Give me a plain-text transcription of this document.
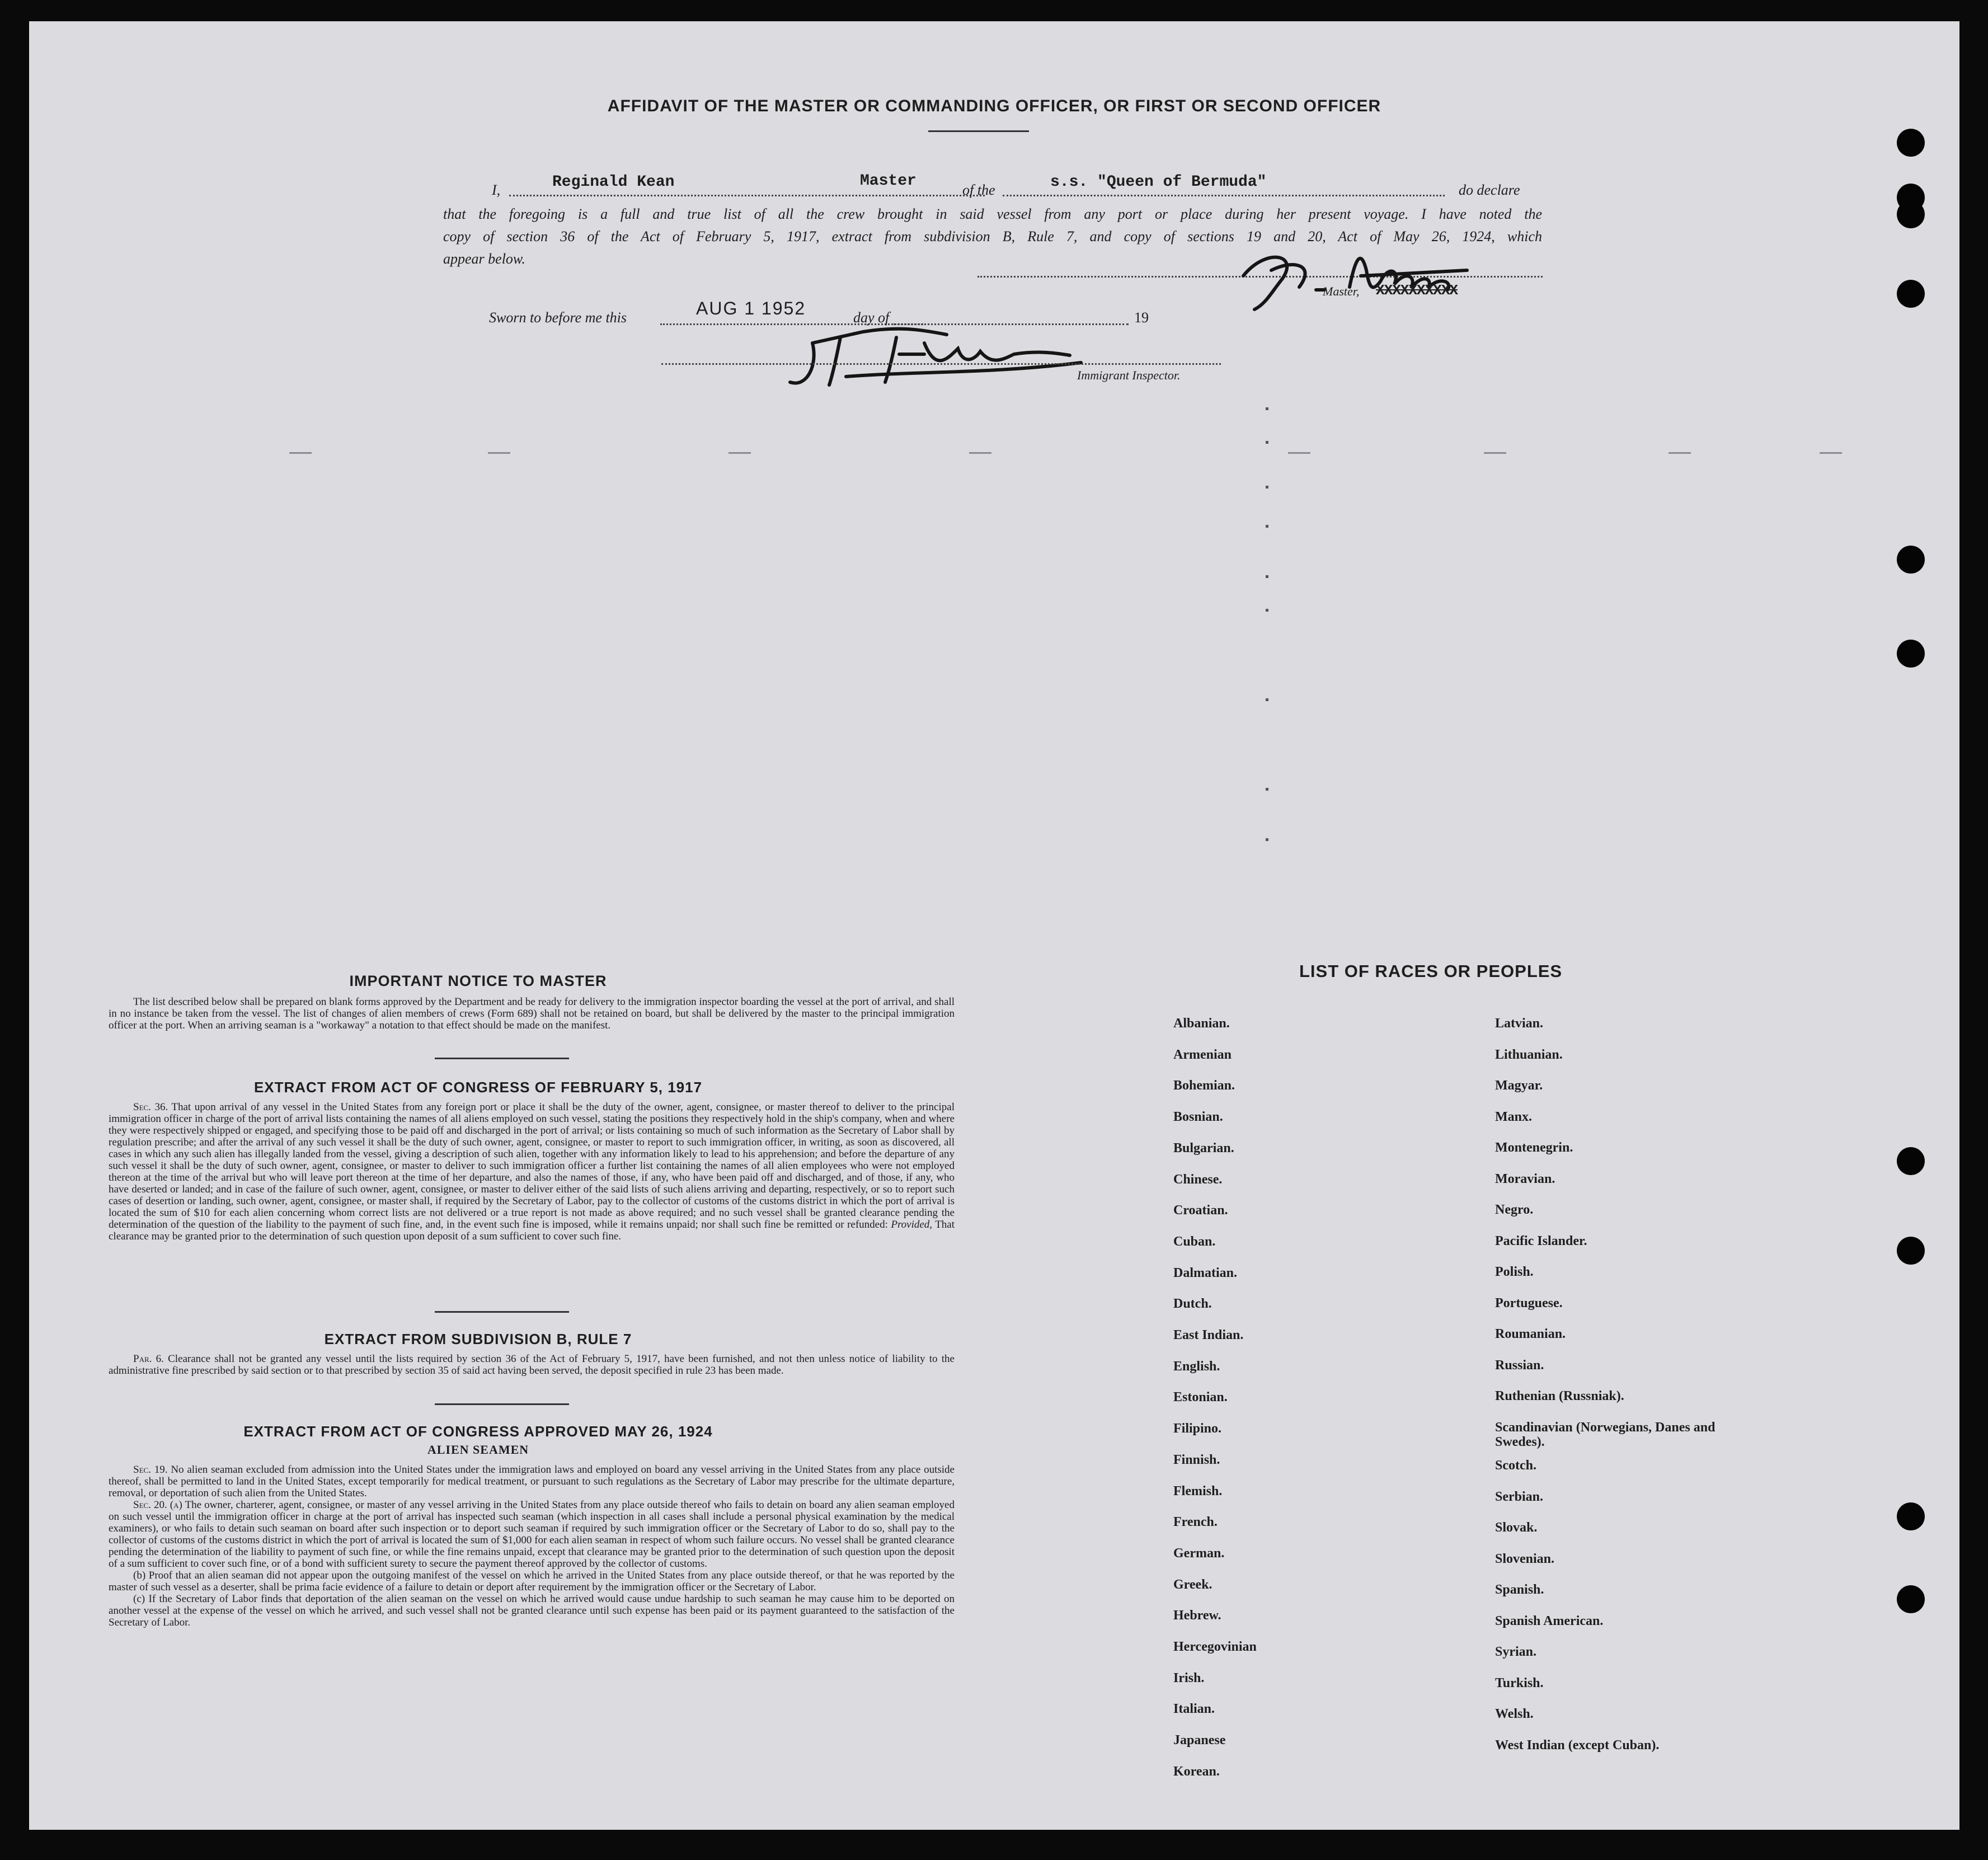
AFFIDAVIT OF THE MASTER OR COMMANDING OFFICER, OR FIRST OR SECOND OFFICER
I,	Reginald Kean	Master
of the	s.s. "Queen of Bermuda"	do declare
that the foregoing is a full and true list of all the crew brought in said vessel from any port or place during her present voyage. I have noted the
copy of section 36 of the Act of February 5, 1917, extract from subdivision B, Rule 7, and copy of sections 19 and 20, Act of May 26, 1924, which
appear below.
Master, XXXXXXXXXX
Sworn to before me this	AUG 1 1952	day of	19
Immigrant Inspector.
IMPORTANT NOTICE TO MASTER

The list described below shall be prepared on blank forms approved by the Department and be ready for delivery to the immigration inspector boarding the vessel at the port of arrival, and shall in no instance be taken from the vessel. The list of changes of alien members of crews (Form 689) shall not be retained on board, but shall be delivered by the master to the principal immigration officer at the port. When an arriving seaman is a "workaway" a notation to that effect should be made on the manifest.

EXTRACT FROM ACT OF CONGRESS OF FEBRUARY 5, 1917

Sec. 36. That upon arrival of any vessel in the United States from any foreign port or place it shall be the duty of the owner, agent, consignee, or master thereof to deliver to the principal immigration officer in charge of the port of arrival lists containing the names of all aliens employed on such vessel, stating the positions they respectively hold in the ship's company, when and where they were respectively shipped or engaged, and specifying those to be paid off and discharged in the port of arrival; or lists containing so much of such information as the Secretary of Labor shall by regulation prescribe; and after the arrival of any such vessel it shall be the duty of such owner, agent, consignee, or master to report to such immigration officer, in writing, as soon as discovered, all cases in which any such alien has illegally landed from the vessel, giving a description of such alien, together with any information likely to lead to his apprehension; and before the departure of any such vessel it shall be the duty of such owner, agent, consignee, or master to deliver to such immigration officer a further list containing the names of all alien employees who were not employed thereon at the time of the arrival but who will leave port thereon at the time of her departure, and also the names of those, if any, who have been paid off and discharged, and of those, if any, who have deserted or landed; and in case of the failure of such owner, agent, consignee, or master to deliver either of the said lists of such aliens arriving and departing, respectively, or so to report such cases of desertion or landing, such owner, agent, consignee, or master shall, if required by the Secretary of Labor, pay to the collector of customs of the customs district in which the port of arrival is located the sum of $10 for each alien concerning whom correct lists are not delivered or a true report is not made as above required; and no such vessel shall be granted clearance pending the determination of the question of the liability to the payment of such fine, and, in the event such fine is imposed, while it remains unpaid; nor shall such fine be remitted or refunded: Provided, That clearance may be granted prior to the determination of such question upon deposit of a sum sufficient to cover such fine.

EXTRACT FROM SUBDIVISION B, RULE 7

Par. 6. Clearance shall not be granted any vessel until the lists required by section 36 of the Act of February 5, 1917, have been furnished, and not then unless notice of liability to the administrative fine prescribed by said section or to that prescribed by section 35 of said act having been served, the deposit specified in rule 23 has been made.

EXTRACT FROM ACT OF CONGRESS APPROVED MAY 26, 1924
ALIEN SEAMEN

Sec. 19. No alien seaman excluded from admission into the United States under the immigration laws and employed on board any vessel arriving in the United States from any place outside thereof, shall be permitted to land in the United States, except temporarily for medical treatment, or pursuant to such regulations as the Secretary of Labor may prescribe for the ultimate departure, removal, or deportation of such alien from the United States.

Sec. 20. (a) The owner, charterer, agent, consignee, or master of any vessel arriving in the United States from any place outside thereof who fails to detain on board any alien seaman employed on such vessel until the immigration officer in charge at the port of arrival has inspected such seaman (which inspection in all cases shall include a personal physical examination by the medical examiners), or who fails to detain such seaman on board after such inspection or to deport such seaman if required by such immigration officer or the Secretary of Labor to do so, shall pay to the collector of customs of the customs district in which the port of arrival is located the sum of $1,000 for each alien seaman in respect of whom such failure occurs. No vessel shall be granted clearance pending the determination of the liability to payment of such fine, or while the fine remains unpaid, except that clearance may be granted prior to the determination of such question upon the deposit of a sum sufficient to cover such fine, or of a bond with sufficient surety to secure the payment thereof approved by the collector of customs.

(b) Proof that an alien seaman did not appear upon the outgoing manifest of the vessel on which he arrived in the United States from any place outside thereof, or that he was reported by the master of such vessel as a deserter, shall be prima facie evidence of a failure to detain or deport after requirement by the immigration officer or the Secretary of Labor.

(c) If the Secretary of Labor finds that deportation of the alien seaman on the vessel on which he arrived would cause undue hardship to such seaman he may cause him to be deported on another vessel at the expense of the vessel on which he arrived, and such vessel shall not be granted clearance until such expense has been paid or its payment guaranteed to the satisfaction of the Secretary of Labor.

LIST OF RACES OR PEOPLES
Albanian.
Armenian
Bohemian.
Bosnian.
Bulgarian.
Chinese.
Croatian.
Cuban.
Dalmatian.
Dutch.
East Indian.
English.
Estonian.
Filipino.
Finnish.
Flemish.
French.
German.
Greek.
Hebrew.
Hercegovinian
Irish.
Italian.
Japanese
Korean.
Latvian.
Lithuanian.
Magyar.
Manx.
Montenegrin.
Moravian.
Negro.
Pacific Islander.
Polish.
Portuguese.
Roumanian.
Russian.
Ruthenian (Russniak).
Scandinavian (Norwegians, Danes and Swedes).
Scotch.
Serbian.
Slovak.
Slovenian.
Spanish.
Spanish American.
Syrian.
Turkish.
Welsh.
West Indian (except Cuban).
